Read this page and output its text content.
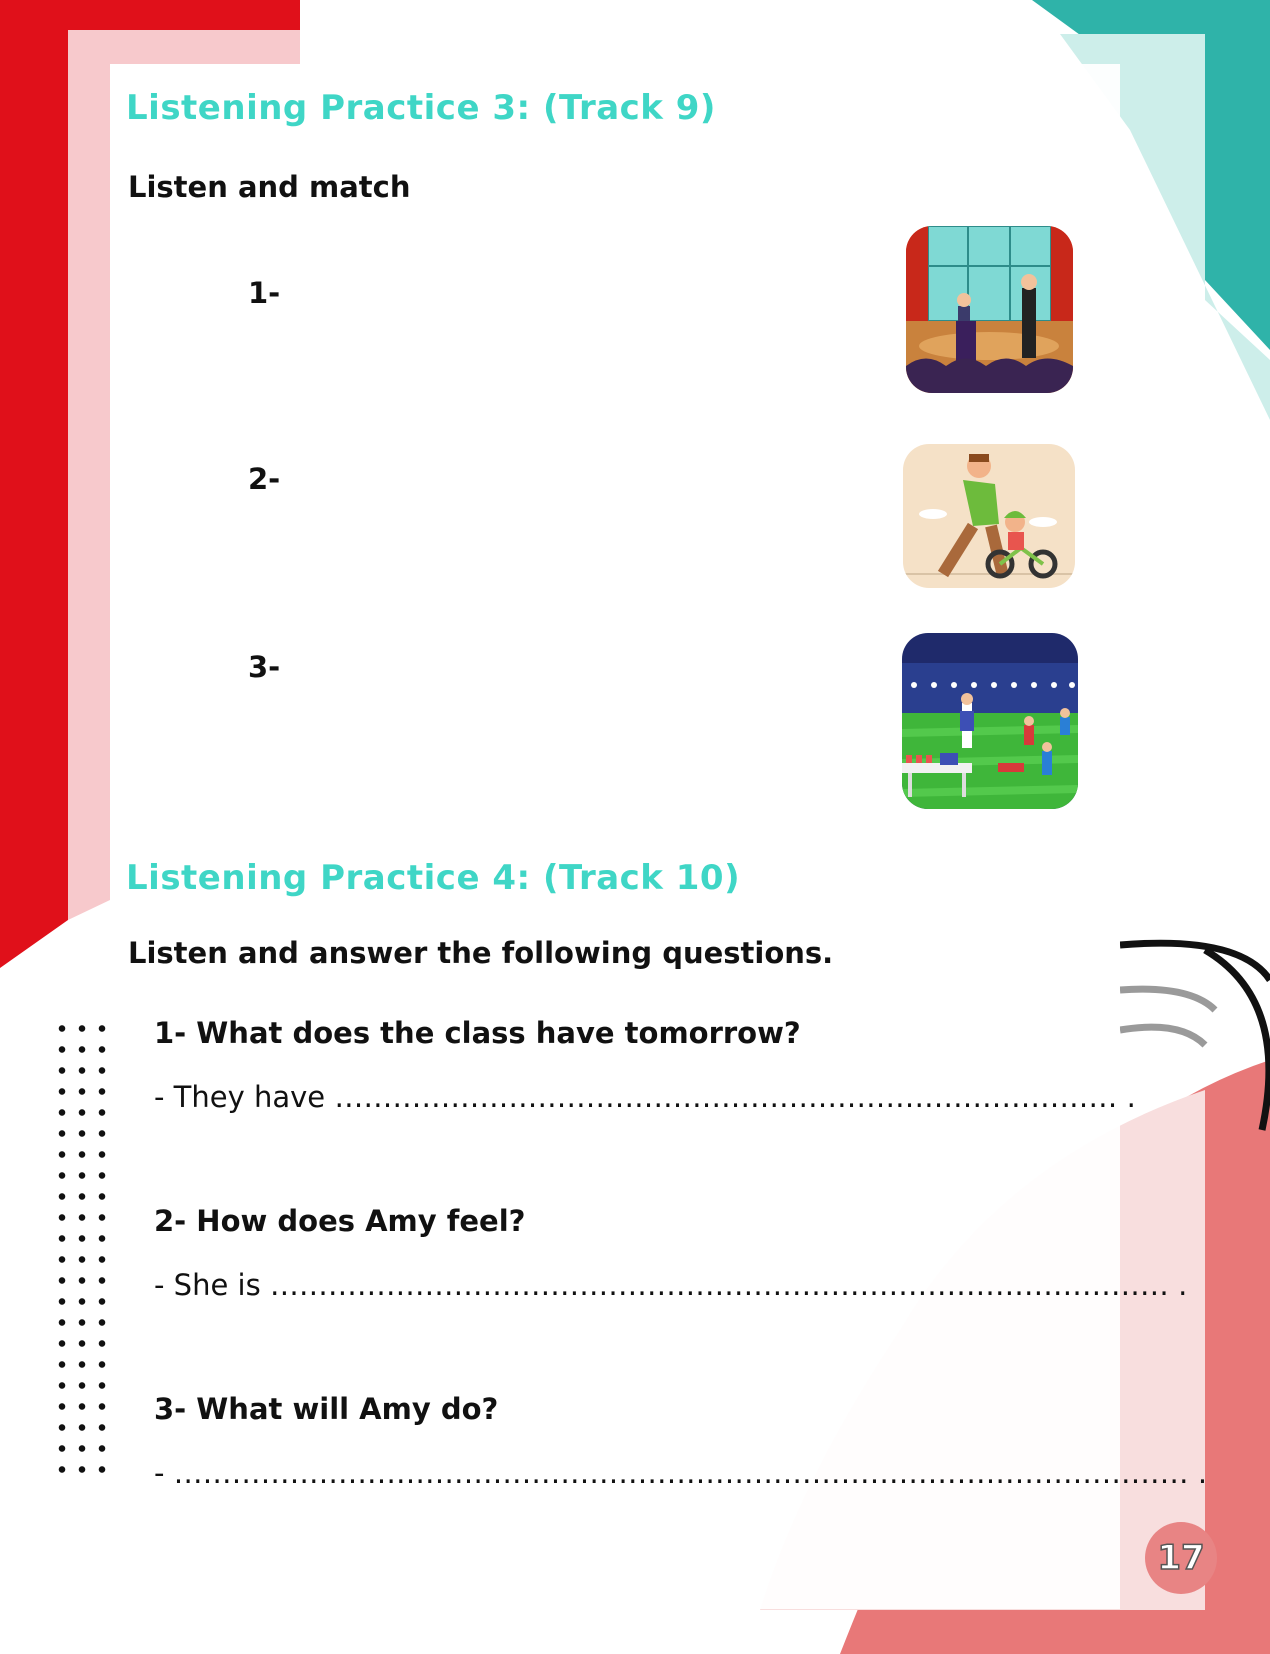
Listening Practice 3: (Track 9)
Listen and match
1-
2-
3-
Listening Practice 4: (Track 10)
Listen and answer the following questions.
1- What does the class have tomorrow?
- They have ……………………………………………………………………… .
2- How does Amy feel?
- She is ………………………………………………………………………………… .
3- What will Amy do?
- …………………………………………………………………………………………… .
17
